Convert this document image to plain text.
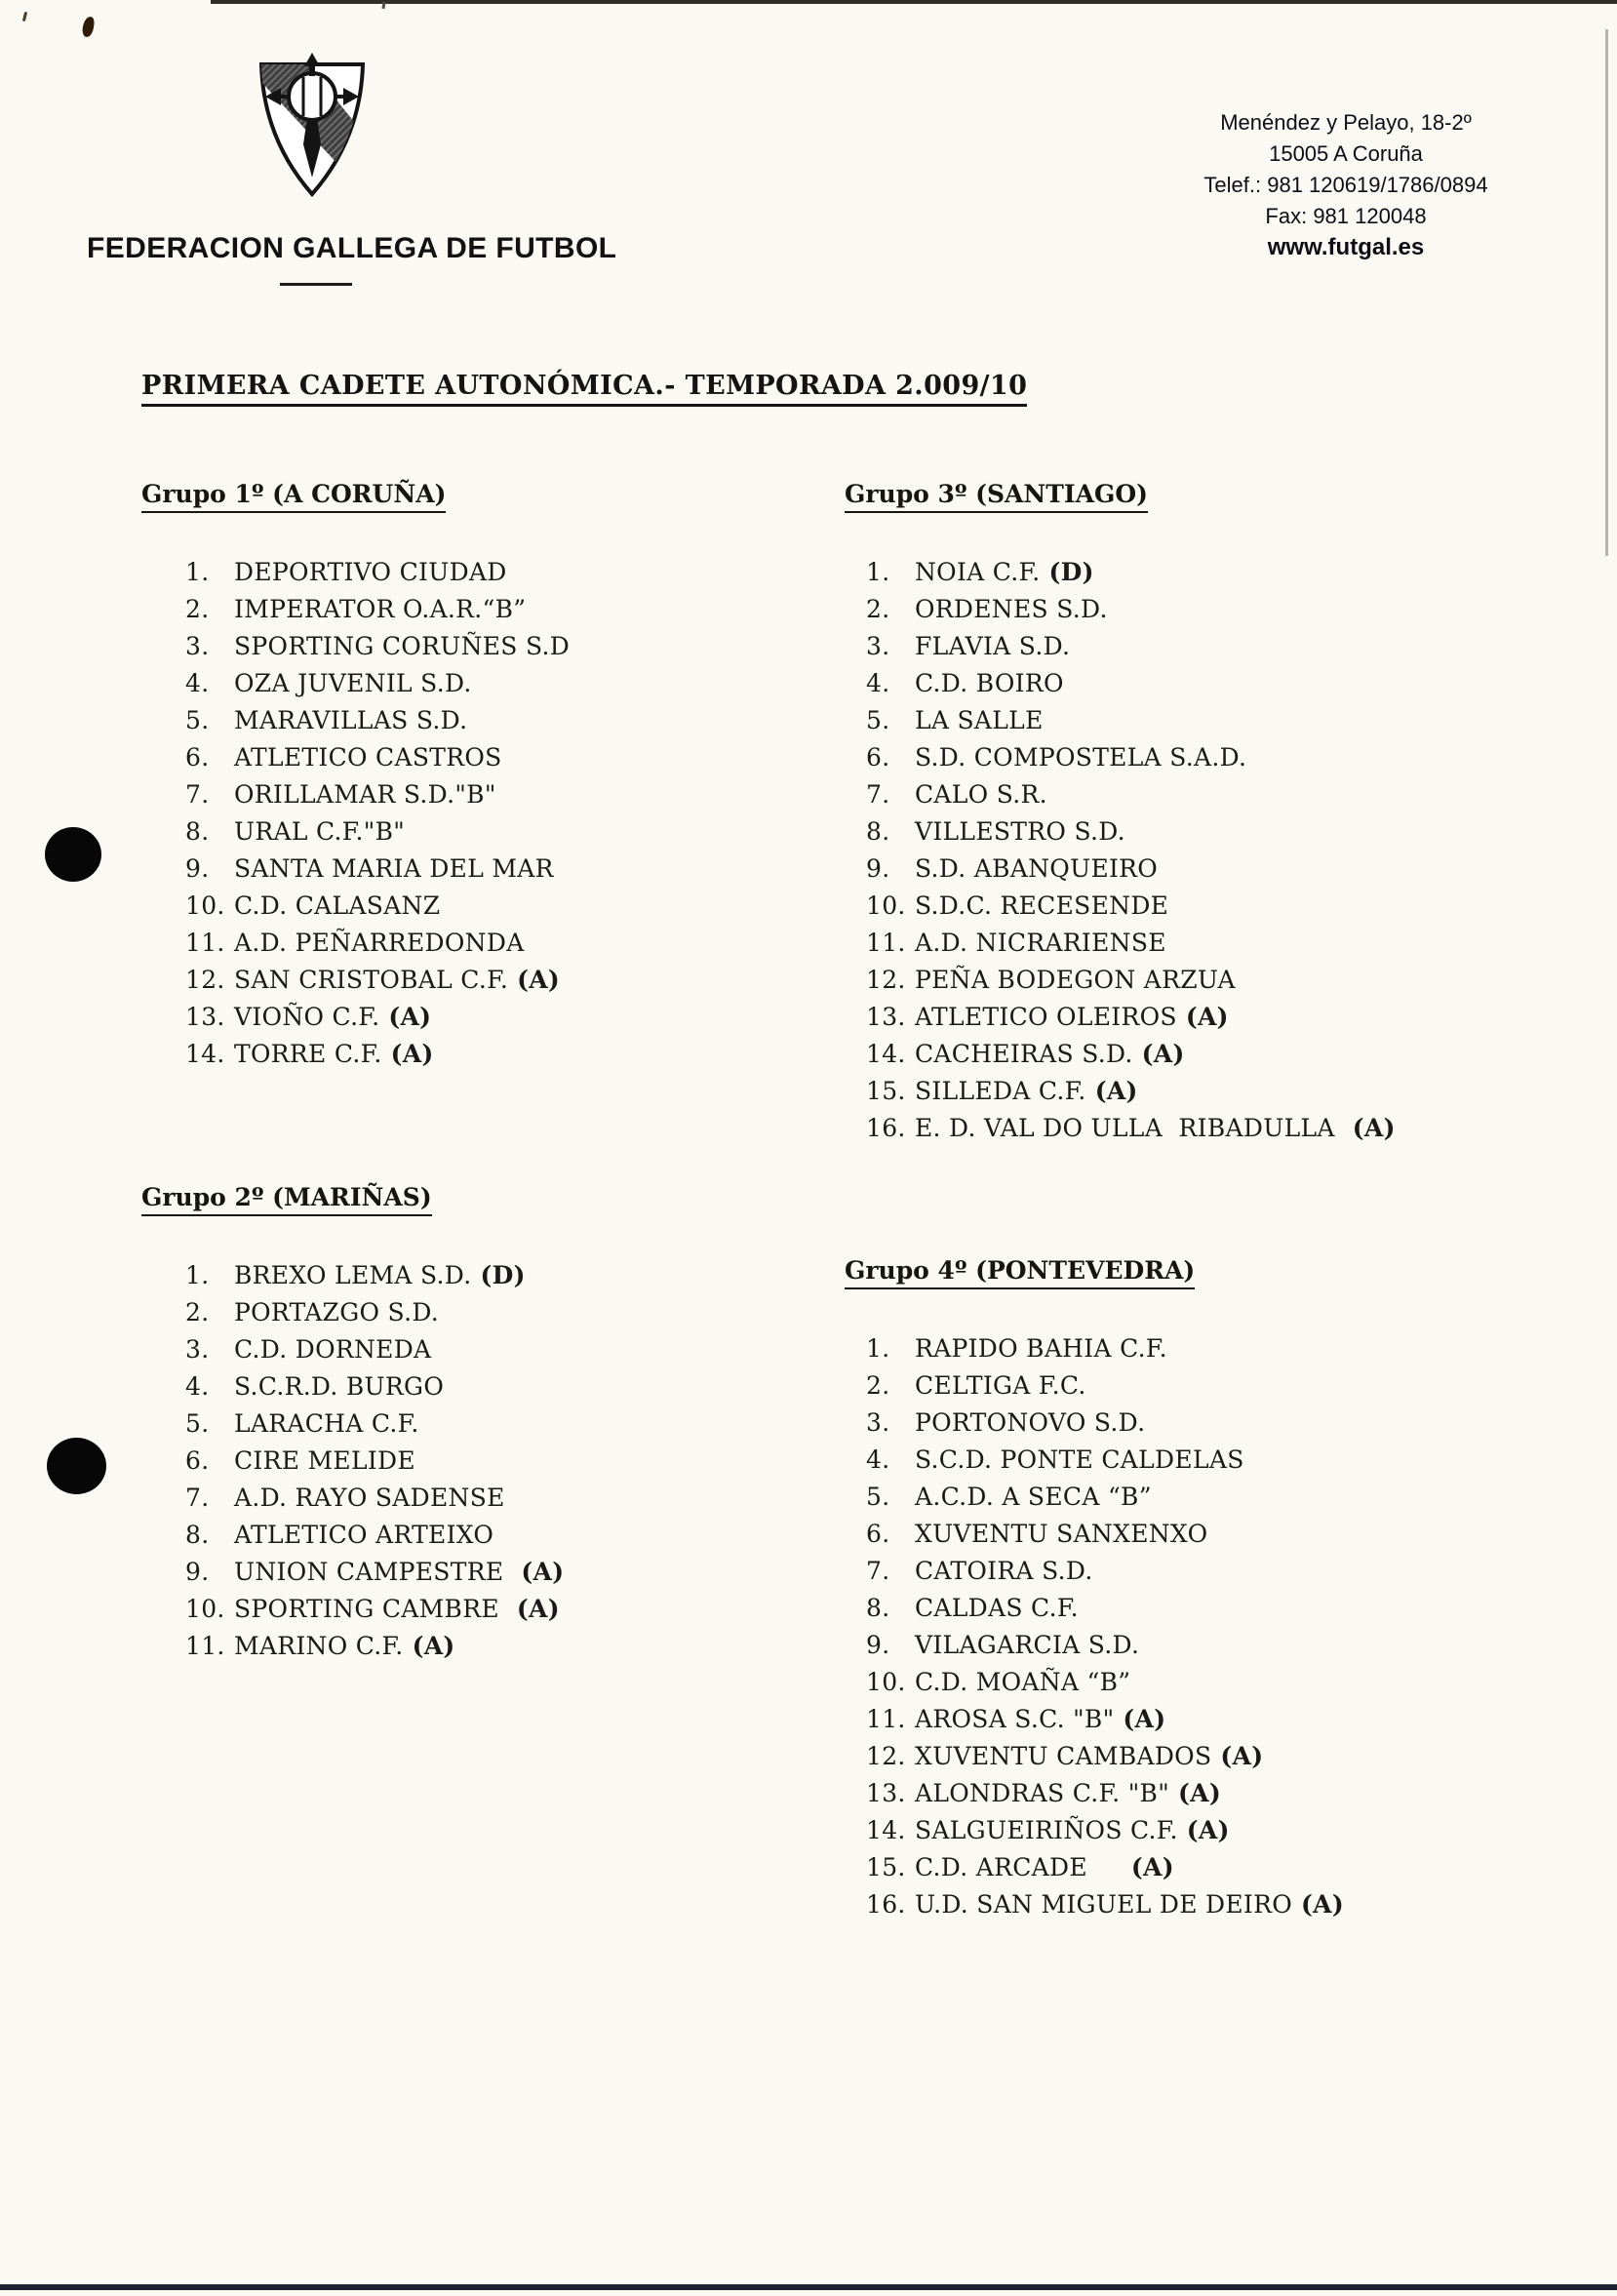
FEDERACION GALLEGA DE FUTBOL
Menéndez y Pelayo, 18-2º
15005 A Coruña
Telef.: 981 120619/1786/0894
Fax: 981 120048
www.futgal.es
PRIMERA CADETE AUTONÓMICA.- TEMPORADA 2.009/10
Grupo 1º (A CORUÑA)
1.	DEPORTIVO CIUDAD
2.	IMPERATOR O.A.R.“B”
3.	SPORTING CORUÑES S.D
4.	OZA JUVENIL S.D.
5.	MARAVILLAS S.D.
6.	ATLETICO CASTROS
7.	ORILLAMAR S.D."B"
8.	URAL C.F."B"
9.	SANTA MARIA DEL MAR
10. C.D. CALASANZ
11. A.D. PEÑARREDONDA
12. SAN CRISTOBAL C.F. (A)
13. VIOÑO C.F. (A)
14. TORRE C.F. (A)
Grupo 3º (SANTIAGO)
1.	NOIA C.F. (D)
2.	ORDENES S.D.
3.	FLAVIA S.D.
4.	C.D. BOIRO
5.	LA SALLE
6.	S.D. COMPOSTELA S.A.D.
7.	CALO S.R.
8.	VILLESTRO S.D.
9.	S.D. ABANQUEIRO
10. S.D.C. RECESENDE
11. A.D. NICRARIENSE
12. PEÑA BODEGON ARZUA
13. ATLETICO OLEIROS (A)
14. CACHEIRAS S.D. (A)
15. SILLEDA C.F. (A)
16. E. D. VAL DO ULLA  RIBADULLA  (A)
Grupo 2º (MARIÑAS)
1.	BREXO LEMA S.D. (D)
2.	PORTAZGO S.D.
3.	C.D. DORNEDA
4.	S.C.R.D. BURGO
5.	LARACHA C.F.
6.	CIRE MELIDE
7.	A.D. RAYO SADENSE
8.	ATLETICO ARTEIXO
9.	UNION CAMPESTRE  (A)
10. SPORTING CAMBRE  (A)
11. MARINO C.F. (A)
Grupo 4º (PONTEVEDRA)
1.	RAPIDO BAHIA C.F.
2.	CELTIGA F.C.
3.	PORTONOVO S.D.
4.	S.C.D. PONTE CALDELAS
5.	A.C.D. A SECA “B”
6.	XUVENTU SANXENXO
7.	CATOIRA S.D.
8.	CALDAS C.F.
9.	VILAGARCIA S.D.
10. C.D. MOAÑA “B”
11. AROSA S.C. "B" (A)
12. XUVENTU CAMBADOS (A)
13. ALONDRAS C.F. "B" (A)
14. SALGUEIRIÑOS C.F. (A)
15. C.D. ARCADE     (A)
16. U.D. SAN MIGUEL DE DEIRO (A)
